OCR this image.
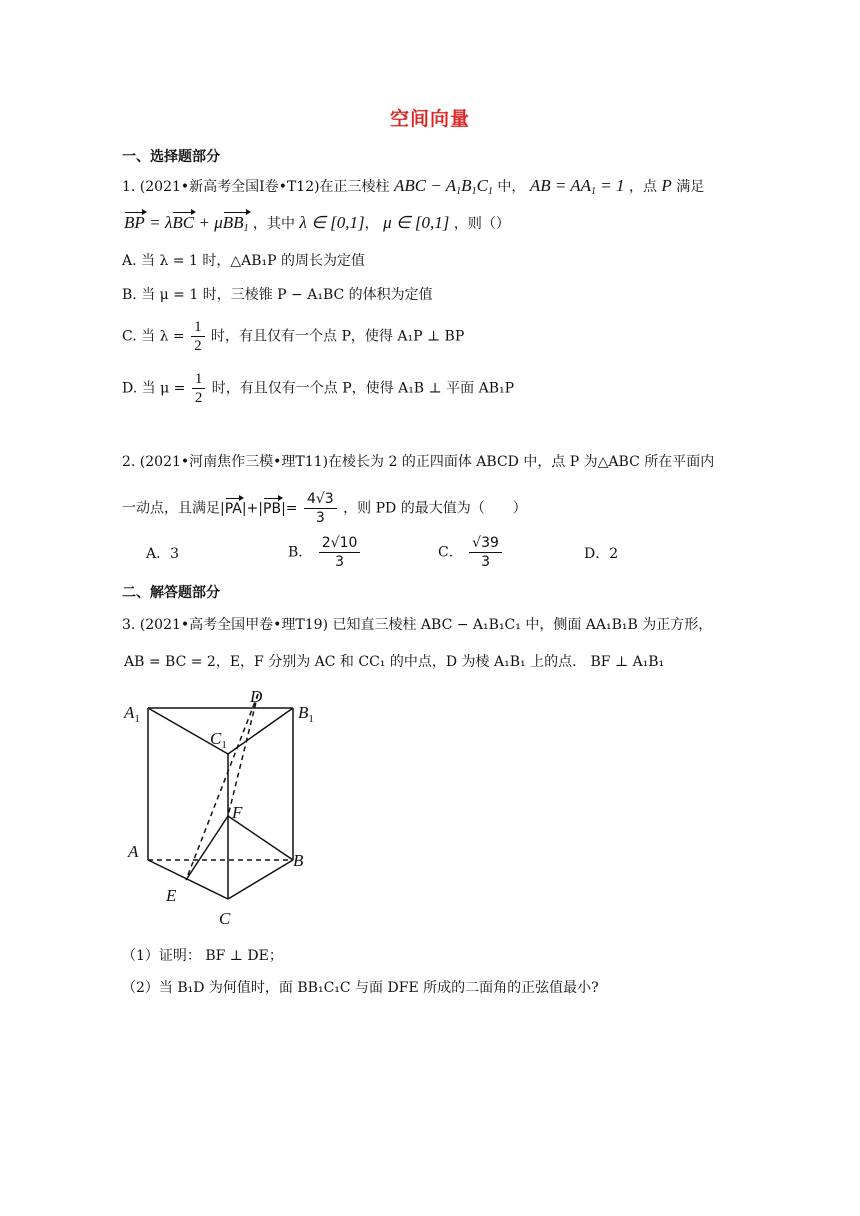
空间向量
一、选择题部分
1. (2021•新高考全国Ⅰ卷•T12)在正三棱柱 ABC − $A_1B_1C_1$ 中， AB = $AA_1 = 1$ ，点 P 满足
BP = λBC + μBB$_1$ ，其中 λ ∈ [0,1]， μ ∈ [0,1] ，则（）
A. 当 λ = 1 时，△AB₁P 的周长为定值
B. 当 μ = 1 时，三棱锥 P − A₁BC 的体积为定值
C. 当 $\lambda = \frac{1}{2}$ 时，有且仅有一个点 P，使得 A₁P ⊥ BP
D. 当 $\mu = \frac{1}{2}$ 时，有且仅有一个点 P，使得 A₁B ⊥ 平面 AB₁P
2. (2021•河南焦作三模•理T11)在棱长为 2 的正四面体 ABCD 中，点 P 为△ABC 所在平面内
一动点，且满足$|PA|+|PB|= \frac{4√3}{3}$ ，则 PD 的最大值为（　　）
A．3	B． $\frac{2√10}{3}$	C． $\frac{√39}{3}$	D．2
二、解答题部分
3. (2021•高考全国甲卷•理T19) 已知直三棱柱 ABC − A₁B₁C₁ 中，侧面 AA₁B₁B 为正方形，
AB = BC = 2，E，F 分别为 AC 和 CC₁ 的中点，D 为棱 A₁B₁ 上的点． BF ⊥ A₁B₁
$A_1$	$B_1$
$C_1$
D
F
A	B
E
C
（1）证明： BF ⊥ DE；
（2）当 B₁D 为何值时，面 BB₁C₁C 与面 DFE 所成的二面角的正弦值最小?
